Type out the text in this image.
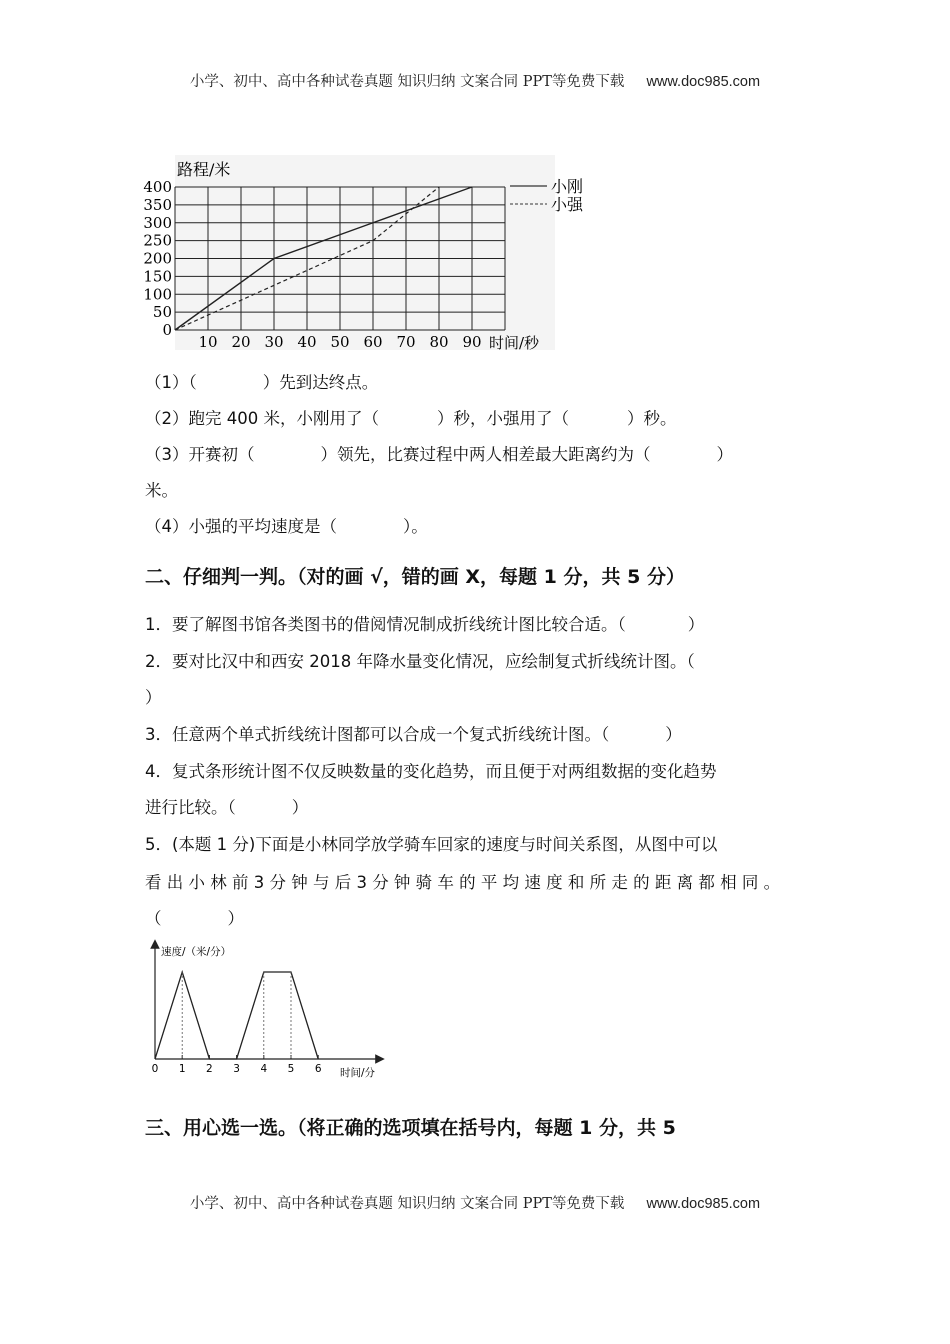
小学、初中、高中各种试卷真题 知识归纳 文案合同 PPT等免费下载 www.doc985.com
路程/米
0
50
100
150
200
250
300
350
400
10 20 30 40 50 60 70 80 90 时间/秒
小刚
小强
（1）（	）先到达终点。
（2）跑完 400 米，小刚用了（	）秒，小强用了（	）秒。
（3）开赛初（	）领先，比赛过程中两人相差最大距离约为（	）
米。
（4）小强的平均速度是（	）。
二、仔细判一判。（对的画 √，错的画 X，每题 1 分，共 5 分）
1．要了解图书馆各类图书的借阅情况制成折线统计图比较合适。（	）
2．要对比汉中和西安 2018 年降水量变化情况，应绘制复式折线统计图。（
）
3．任意两个单式折线统计图都可以合成一个复式折线统计图。（	）
4．复式条形统计图不仅反映数量的变化趋势，而且便于对两组数据的变化趋势
进行比较。（	）
5．(本题 1 分)下面是小林同学放学骑车回家的速度与时间关系图，从图中可以
看 出 小 林 前 3 分 钟 与 后 3 分 钟 骑 车 的 平 均 速 度 和 所 走 的 距 离 都 相 同 。
（	）
速度/（米/分）
时间/分
0 1 2 3 4 5 6
三、用心选一选。（将正确的选项填在括号内，每题 1 分，共 5
小学、初中、高中各种试卷真题 知识归纳 文案合同 PPT等免费下载 www.doc985.com
